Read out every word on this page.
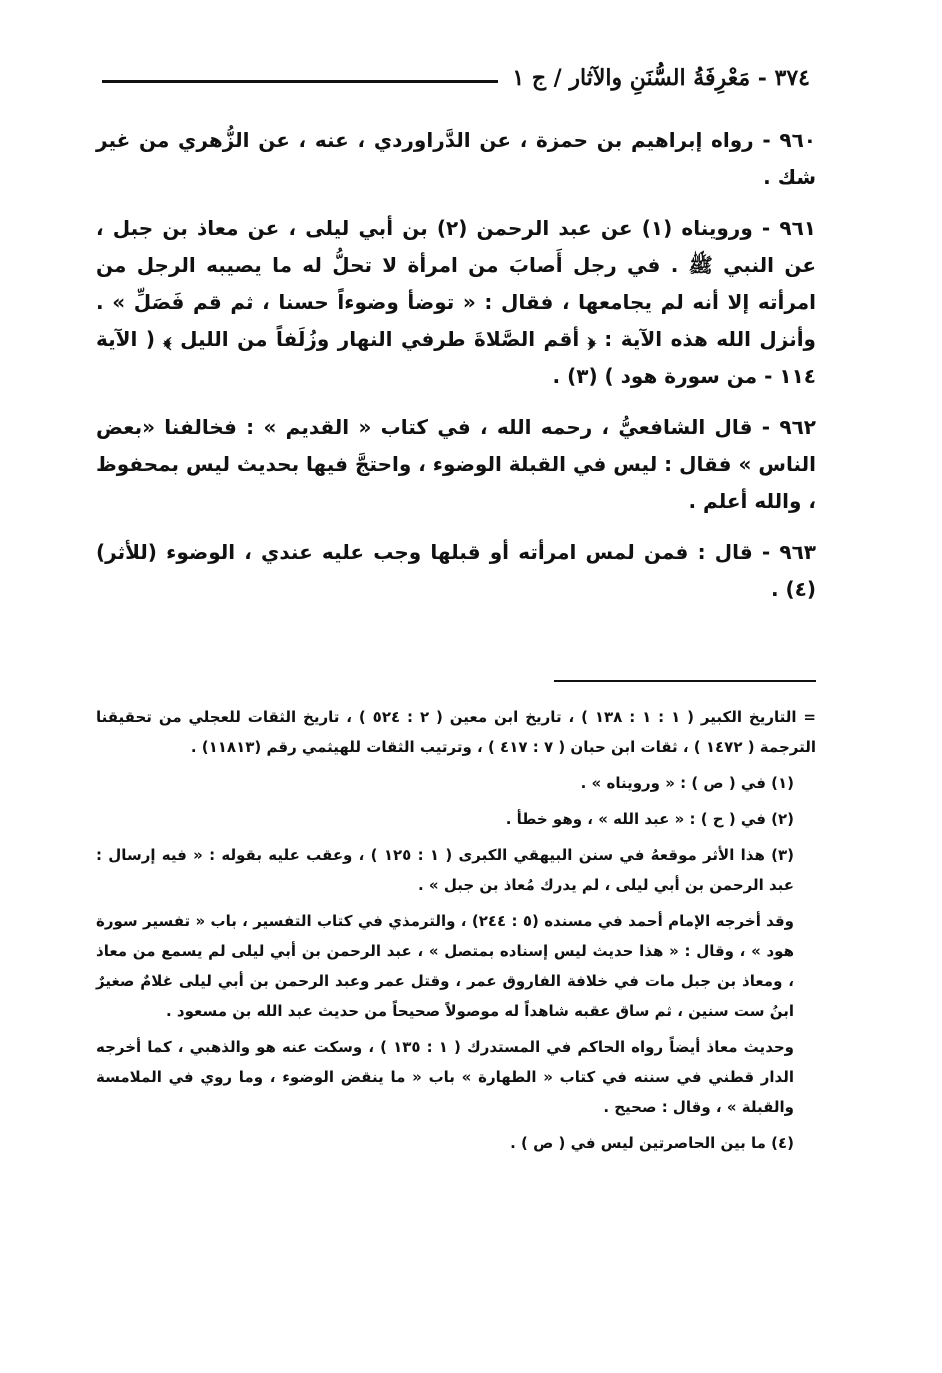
٣٧٤ - مَعْرِفَةُ السُّنَنِ والآثار / ج ١

٩٦٠ - رواه إبراهيم بن حمزة ، عن الدَّراوردي ، عنه ، عن الزُّهري من غير شك .

٩٦١ - ورويناه (١) عن عبد الرحمن (٢) بن أبي ليلى ، عن معاذ بن جبل ، عن النبي ﷺ . في رجل أَصابَ من امرأة لا تحلُّ له ما يصيبه الرجل من امرأته إلا أنه لم يجامعها ، فقال : « توضأ وضوءاً حسنا ، ثم قم فَصَلِّ » . وأنزل الله هذه الآية : ﴿ أقم الصَّلاةَ طرفي النهار وزُلَفاً من الليل ﴾ ( الآية ١١٤ - من سورة هود ) (٣) .

٩٦٢ - قال الشافعيُّ ، رحمه الله ، في كتاب « القديم » : فخالفنا «بعض الناس » فقال : ليس في القبلة الوضوء ، واحتجَّ فيها بحديث ليس بمحفوظ ، والله أعلم .

٩٦٣ - قال : فمن لمس امرأته أو قبلها وجب عليه عندي ، الوضوء (للأثر) (٤) .

= التاريخ الكبير ( ١ : ١ : ١٣٨ ) ، تاريخ ابن معين ( ٢ : ٥٢٤ ) ، تاريخ الثقات للعجلي من تحقيقنا الترجمة ( ١٤٧٢ ) ، ثقات ابن حبان ( ٧ : ٤١٧ ) ، وترتيب الثقات للهيثمي رقم (١١٨١٣) .

(١) في ( ص ) : « ورويناه » .

(٢) في ( ح ) : « عبد الله » ، وهو خطأ .

(٣) هذا الأثر موقعهُ في سنن البيهقي الكبرى ( ١ : ١٢٥ ) ، وعقب عليه بقوله : « فيه إرسال : عبد الرحمن بن أبي ليلى ، لم يدرك مُعاذ بن جبل » .

وقد أخرجه الإمام أحمد في مسنده (٥ : ٢٤٤) ، والترمذي في كتاب التفسير ، باب « تفسير سورة هود » ، وقال : « هذا حديث ليس إسناده بمتصل » ، عبد الرحمن بن أبي ليلى لم يسمع من معاذ ، ومعاذ بن جبل مات في خلافة الفاروق عمر ، وقتل عمر وعبد الرحمن بن أبي ليلى غلامٌ صغيرٌ ابنُ ست سنين ، ثم ساق عقبه شاهداً له موصولاً صحيحاً من حديث عبد الله بن مسعود .

وحديث معاذ أيضاً رواه الحاكم في المستدرك ( ١ : ١٣٥ ) ، وسكت عنه هو والذهبي ، كما أخرجه الدار قطني في سننه في كتاب « الطهارة » باب « ما ينقض الوضوء ، وما روي في الملامسة والقبلة » ، وقال : صحيح .

(٤) ما بين الحاصرتين ليس في ( ص ) .
